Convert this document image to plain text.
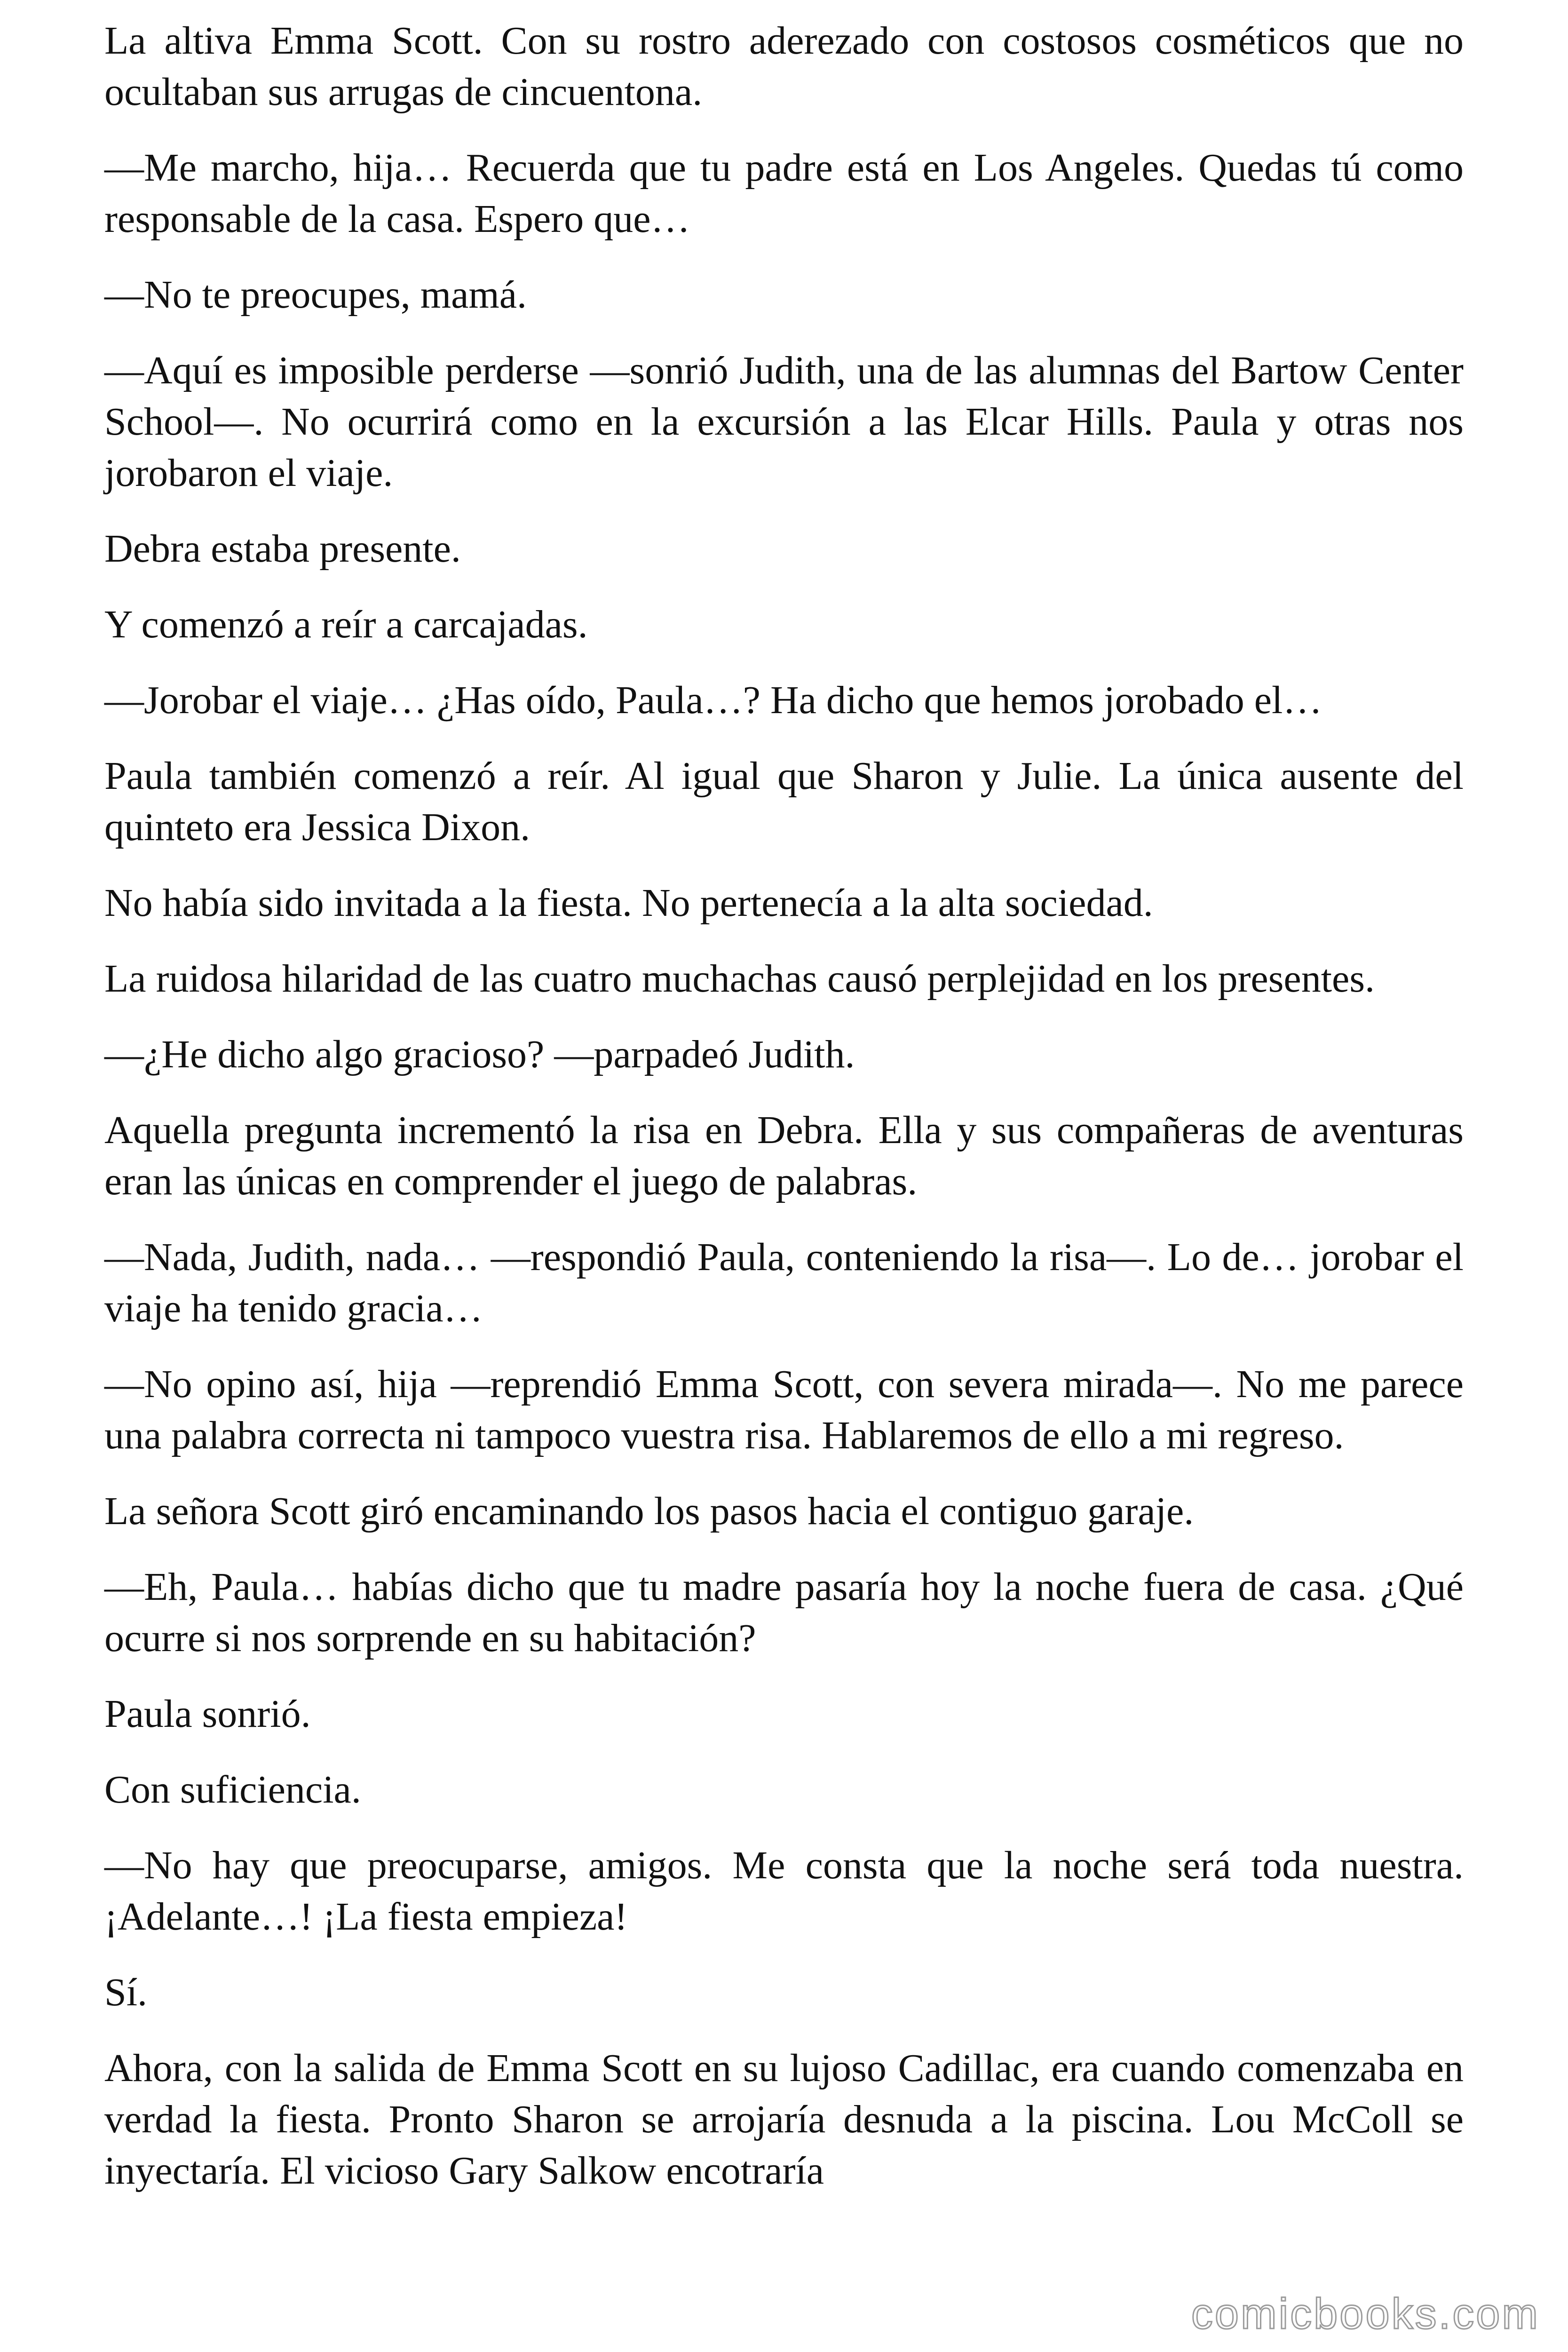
La altiva Emma Scott. Con su rostro aderezado con costosos cosméticos que no ocultaban sus arrugas de cincuentona.

—Me marcho, hija… Recuerda que tu padre está en Los Angeles. Quedas tú como responsable de la casa. Espero que…

—No te preocupes, mamá.

—Aquí es imposible perderse —sonrió Judith, una de las alumnas del Bartow Center School—. No ocurrirá como en la excursión a las Elcar Hills. Paula y otras nos jorobaron el viaje.

Debra estaba presente.

Y comenzó a reír a carcajadas.

—Jorobar el viaje… ¿Has oído, Paula…? Ha dicho que hemos jorobado el…

Paula también comenzó a reír. Al igual que Sharon y Julie. La única ausente del quinteto era Jessica Dixon.

No había sido invitada a la fiesta. No pertenecía a la alta sociedad.

La ruidosa hilaridad de las cuatro muchachas causó perplejidad en los presentes.

—¿He dicho algo gracioso? —parpadeó Judith.

Aquella pregunta incrementó la risa en Debra. Ella y sus compañeras de aventuras eran las únicas en comprender el juego de palabras.

—Nada, Judith, nada… —respondió Paula, conteniendo la risa—. Lo de… jorobar el viaje ha tenido gracia…

—No opino así, hija —reprendió Emma Scott, con severa mirada—. No me parece una palabra correcta ni tampoco vuestra risa. Hablaremos de ello a mi regreso.

La señora Scott giró encaminando los pasos hacia el contiguo garaje.

—Eh, Paula… habías dicho que tu madre pasaría hoy la noche fuera de casa. ¿Qué ocurre si nos sorprende en su habitación?

Paula sonrió.

Con suficiencia.

—No hay que preocuparse, amigos. Me consta que la noche será toda nuestra. ¡Adelante…! ¡La fiesta empieza!

Sí.

Ahora, con la salida de Emma Scott en su lujoso Cadillac, era cuando comenzaba en verdad la fiesta. Pronto Sharon se arrojaría desnuda a la piscina. Lou McColl se inyectaría. El vicioso Gary Salkow encotraría

comicbooks.com
